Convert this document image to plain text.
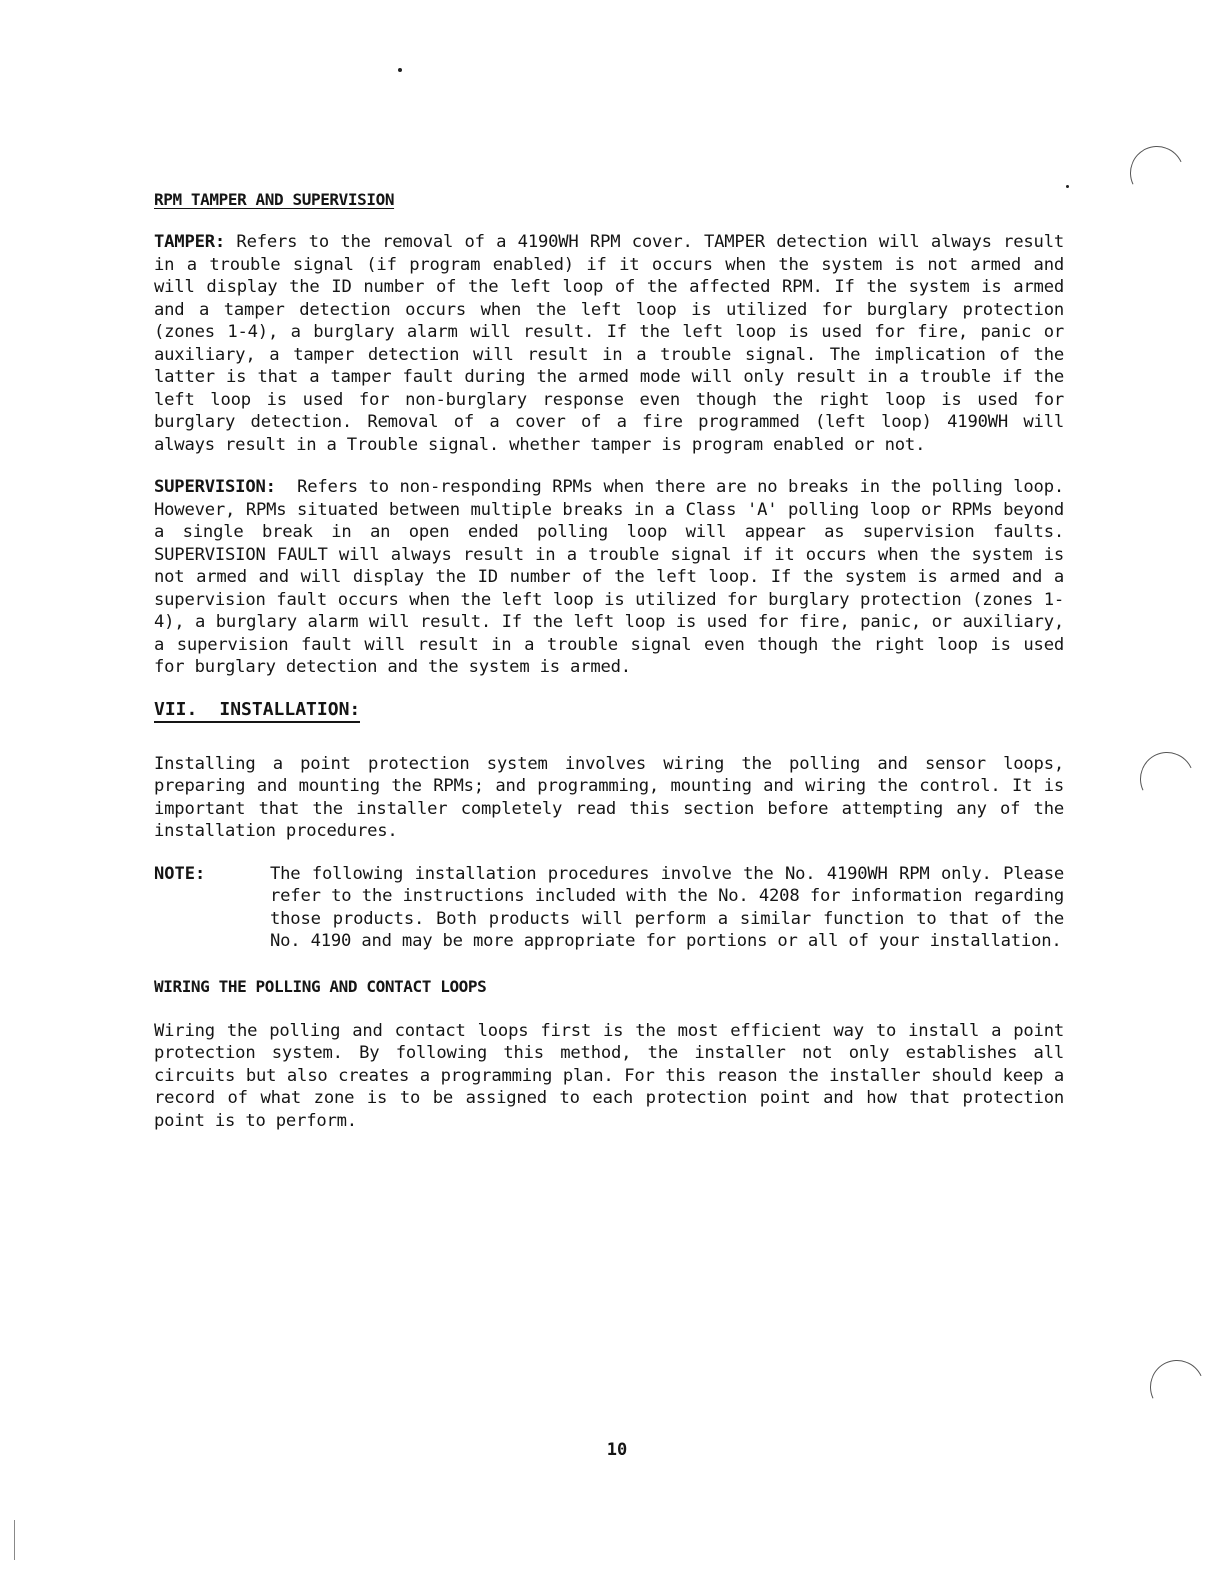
RPM TAMPER AND SUPERVISION

TAMPER: Refers to the removal of a 4190WH RPM cover. TAMPER detection will always result in a trouble signal (if program enabled) if it occurs when the system is not armed and will display the ID number of the left loop of the affected RPM. If the system is armed and a tamper detection occurs when the left loop is utilized for burglary protection (zones 1-4), a burglary alarm will result. If the left loop is used for fire, panic or auxiliary, a tamper detection will result in a trouble signal. The implication of the latter is that a tamper fault during the armed mode will only result in a trouble if the left loop is used for non-burglary response even though the right loop is used for burglary detection. Removal of a cover of a fire programmed (left loop) 4190WH will always result in a Trouble signal. whether tamper is program enabled or not.

SUPERVISION: Refers to non-responding RPMs when there are no breaks in the polling loop. However, RPMs situated between multiple breaks in a Class 'A' polling loop or RPMs beyond a single break in an open ended polling loop will appear as supervision faults. SUPERVISION FAULT will always result in a trouble signal if it occurs when the system is not armed and will display the ID number of the left loop. If the system is armed and a supervision fault occurs when the left loop is utilized for burglary protection (zones 1-4), a burglary alarm will result. If the left loop is used for fire, panic, or auxiliary, a supervision fault will result in a trouble signal even though the right loop is used for burglary detection and the system is armed.

VII. INSTALLATION:

Installing a point protection system involves wiring the polling and sensor loops, preparing and mounting the RPMs; and programming, mounting and wiring the control. It is important that the installer completely read this section before attempting any of the installation procedures.

NOTE:	The following installation procedures involve the No. 4190WH RPM only. Please refer to the instructions included with the No. 4208 for information regarding those products. Both products will perform a similar function to that of the No. 4190 and may be more appropriate for portions or all of your installation.
WIRING THE POLLING AND CONTACT LOOPS

Wiring the polling and contact loops first is the most efficient way to install a point protection system. By following this method, the installer not only establishes all circuits but also creates a programming plan. For this reason the installer should keep a record of what zone is to be assigned to each protection point and how that protection point is to perform.

10
